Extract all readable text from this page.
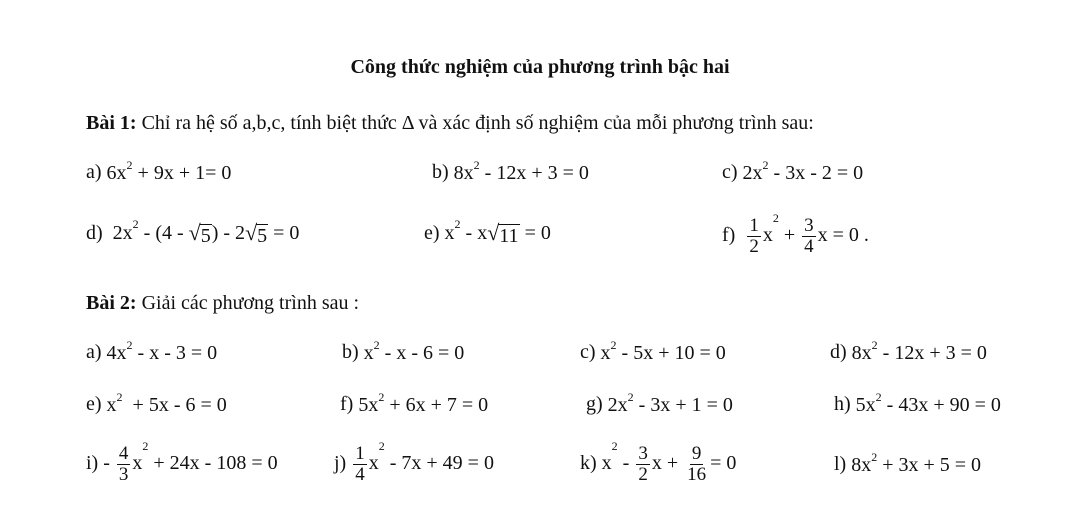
Công thức nghiệm của phương trình bậc hai
Bài 1: Chỉ ra hệ số a,b,c, tính biệt thức Δ và xác định số nghiệm của mỗi phương trình sau:
a) $6x^2 + 9x + 1= 0$	b) $8x^2 - 12x + 3 = 0$	c) $2x^2 - 3x - 2 = 0$
d)  $2x^2 - (4$ - √ 5 ) - 2 √ 5 = 0	e) $x^2$ - x √ 11 = 0	$f) \frac{1}{2} x^2 + \frac{3}{4}$ x = 0 .
Bài 2: Giải các phương trình sau :
a) $4x^2 - x - 3 = 0$	b) $x^2 - x - 6 = 0$	c) $x^2 - 5x + 10 = 0$	d) $8x^2 - 12x + 3 = 0$
e) $x^2 + 5x - 6 = 0$	f) $5x^2 + 6x + 7 = 0$	g) $2x^2 - 3x + 1 = 0$	h) $5x^2 - 43x + 90 = 0$
$i) - \frac{4}{3} x^2 + 24x - 108 = 0$	$j) \frac{1}{4} x^2 - 7x + 49 = 0$	k) $x^2 - \frac{3}{2}$ $x + \frac{9}{16} = 0$	l) $8x^2 + 3x + 5 = 0$
